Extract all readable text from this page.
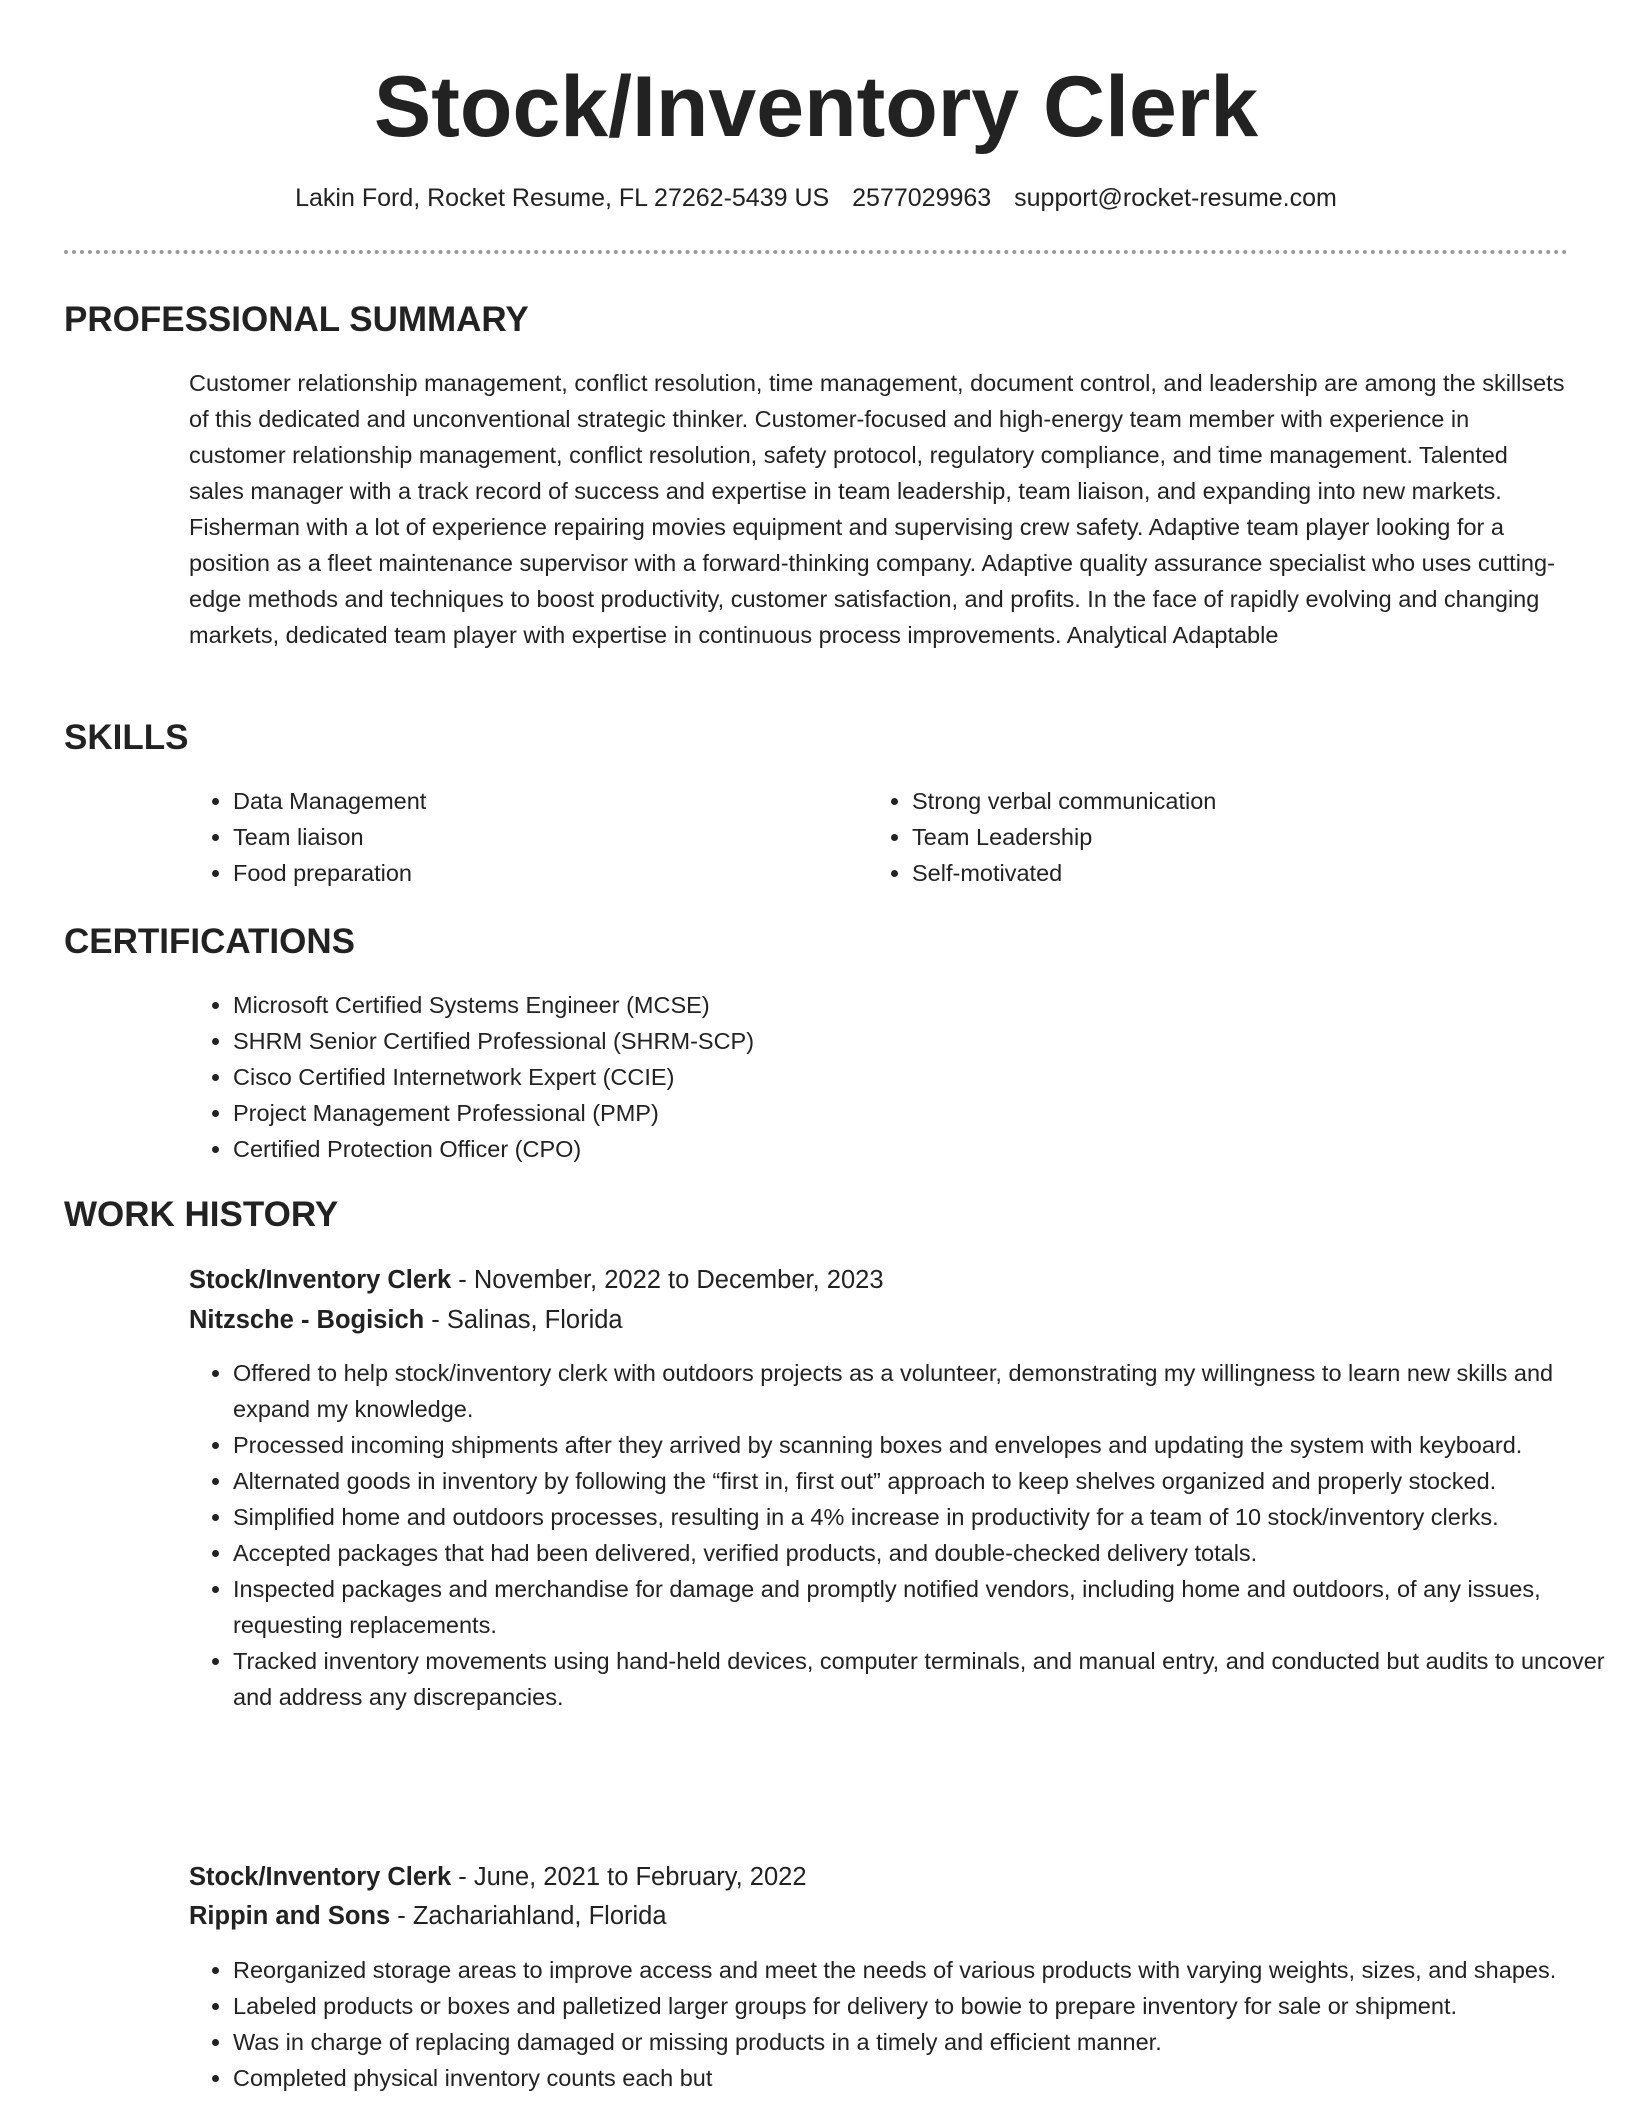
Stock/Inventory Clerk
Lakin Ford, Rocket Resume, FL 27262-5439 US 2577029963 support@rocket-resume.com
PROFESSIONAL SUMMARY

Customer relationship management, conflict resolution, time management, document control, and leadership are among the skillsets of this dedicated and unconventional strategic thinker. Customer-focused and high-energy team member with experience in customer relationship management, conflict resolution, safety protocol, regulatory compliance, and time management. Talented sales manager with a track record of success and expertise in team leadership, team liaison, and expanding into new markets. Fisherman with a lot of experience repairing movies equipment and supervising crew safety. Adaptive team player looking for a position as a fleet maintenance supervisor with a forward-thinking company. Adaptive quality assurance specialist who uses cutting-edge methods and techniques to boost productivity, customer satisfaction, and profits. In the face of rapidly evolving and changing markets, dedicated team player with expertise in continuous process improvements. Analytical Adaptable

SKILLS
• Data Management
• Team liaison
• Food preparation
• Strong verbal communication
• Team Leadership
• Self-motivated
CERTIFICATIONS
• Microsoft Certified Systems Engineer (MCSE)
• SHRM Senior Certified Professional (SHRM-SCP)
• Cisco Certified Internetwork Expert (CCIE)
• Project Management Professional (PMP)
• Certified Protection Officer (CPO)
WORK HISTORY

Stock/Inventory Clerk - November, 2022 to December, 2023

Nitzsche - Bogisich - Salinas, Florida

• Offered to help stock/inventory clerk with outdoors projects as a volunteer, demonstrating my willingness to learn new skills and expand my knowledge.
• Processed incoming shipments after they arrived by scanning boxes and envelopes and updating the system with keyboard.
• Alternated goods in inventory by following the “first in, first out” approach to keep shelves organized and properly stocked.
• Simplified home and outdoors processes, resulting in a 4% increase in productivity for a team of 10 stock/inventory clerks.
• Accepted packages that had been delivered, verified products, and double-checked delivery totals.
• Inspected packages and merchandise for damage and promptly notified vendors, including home and outdoors, of any issues, requesting replacements.
• Tracked inventory movements using hand-held devices, computer terminals, and manual entry, and conducted but audits to uncover and address any discrepancies.

Stock/Inventory Clerk - June, 2021 to February, 2022

Rippin and Sons - Zachariahland, Florida

• Reorganized storage areas to improve access and meet the needs of various products with varying weights, sizes, and shapes.
• Labeled products or boxes and palletized larger groups for delivery to bowie to prepare inventory for sale or shipment.
• Was in charge of replacing damaged or missing products in a timely and efficient manner.
• Completed physical inventory counts each but
